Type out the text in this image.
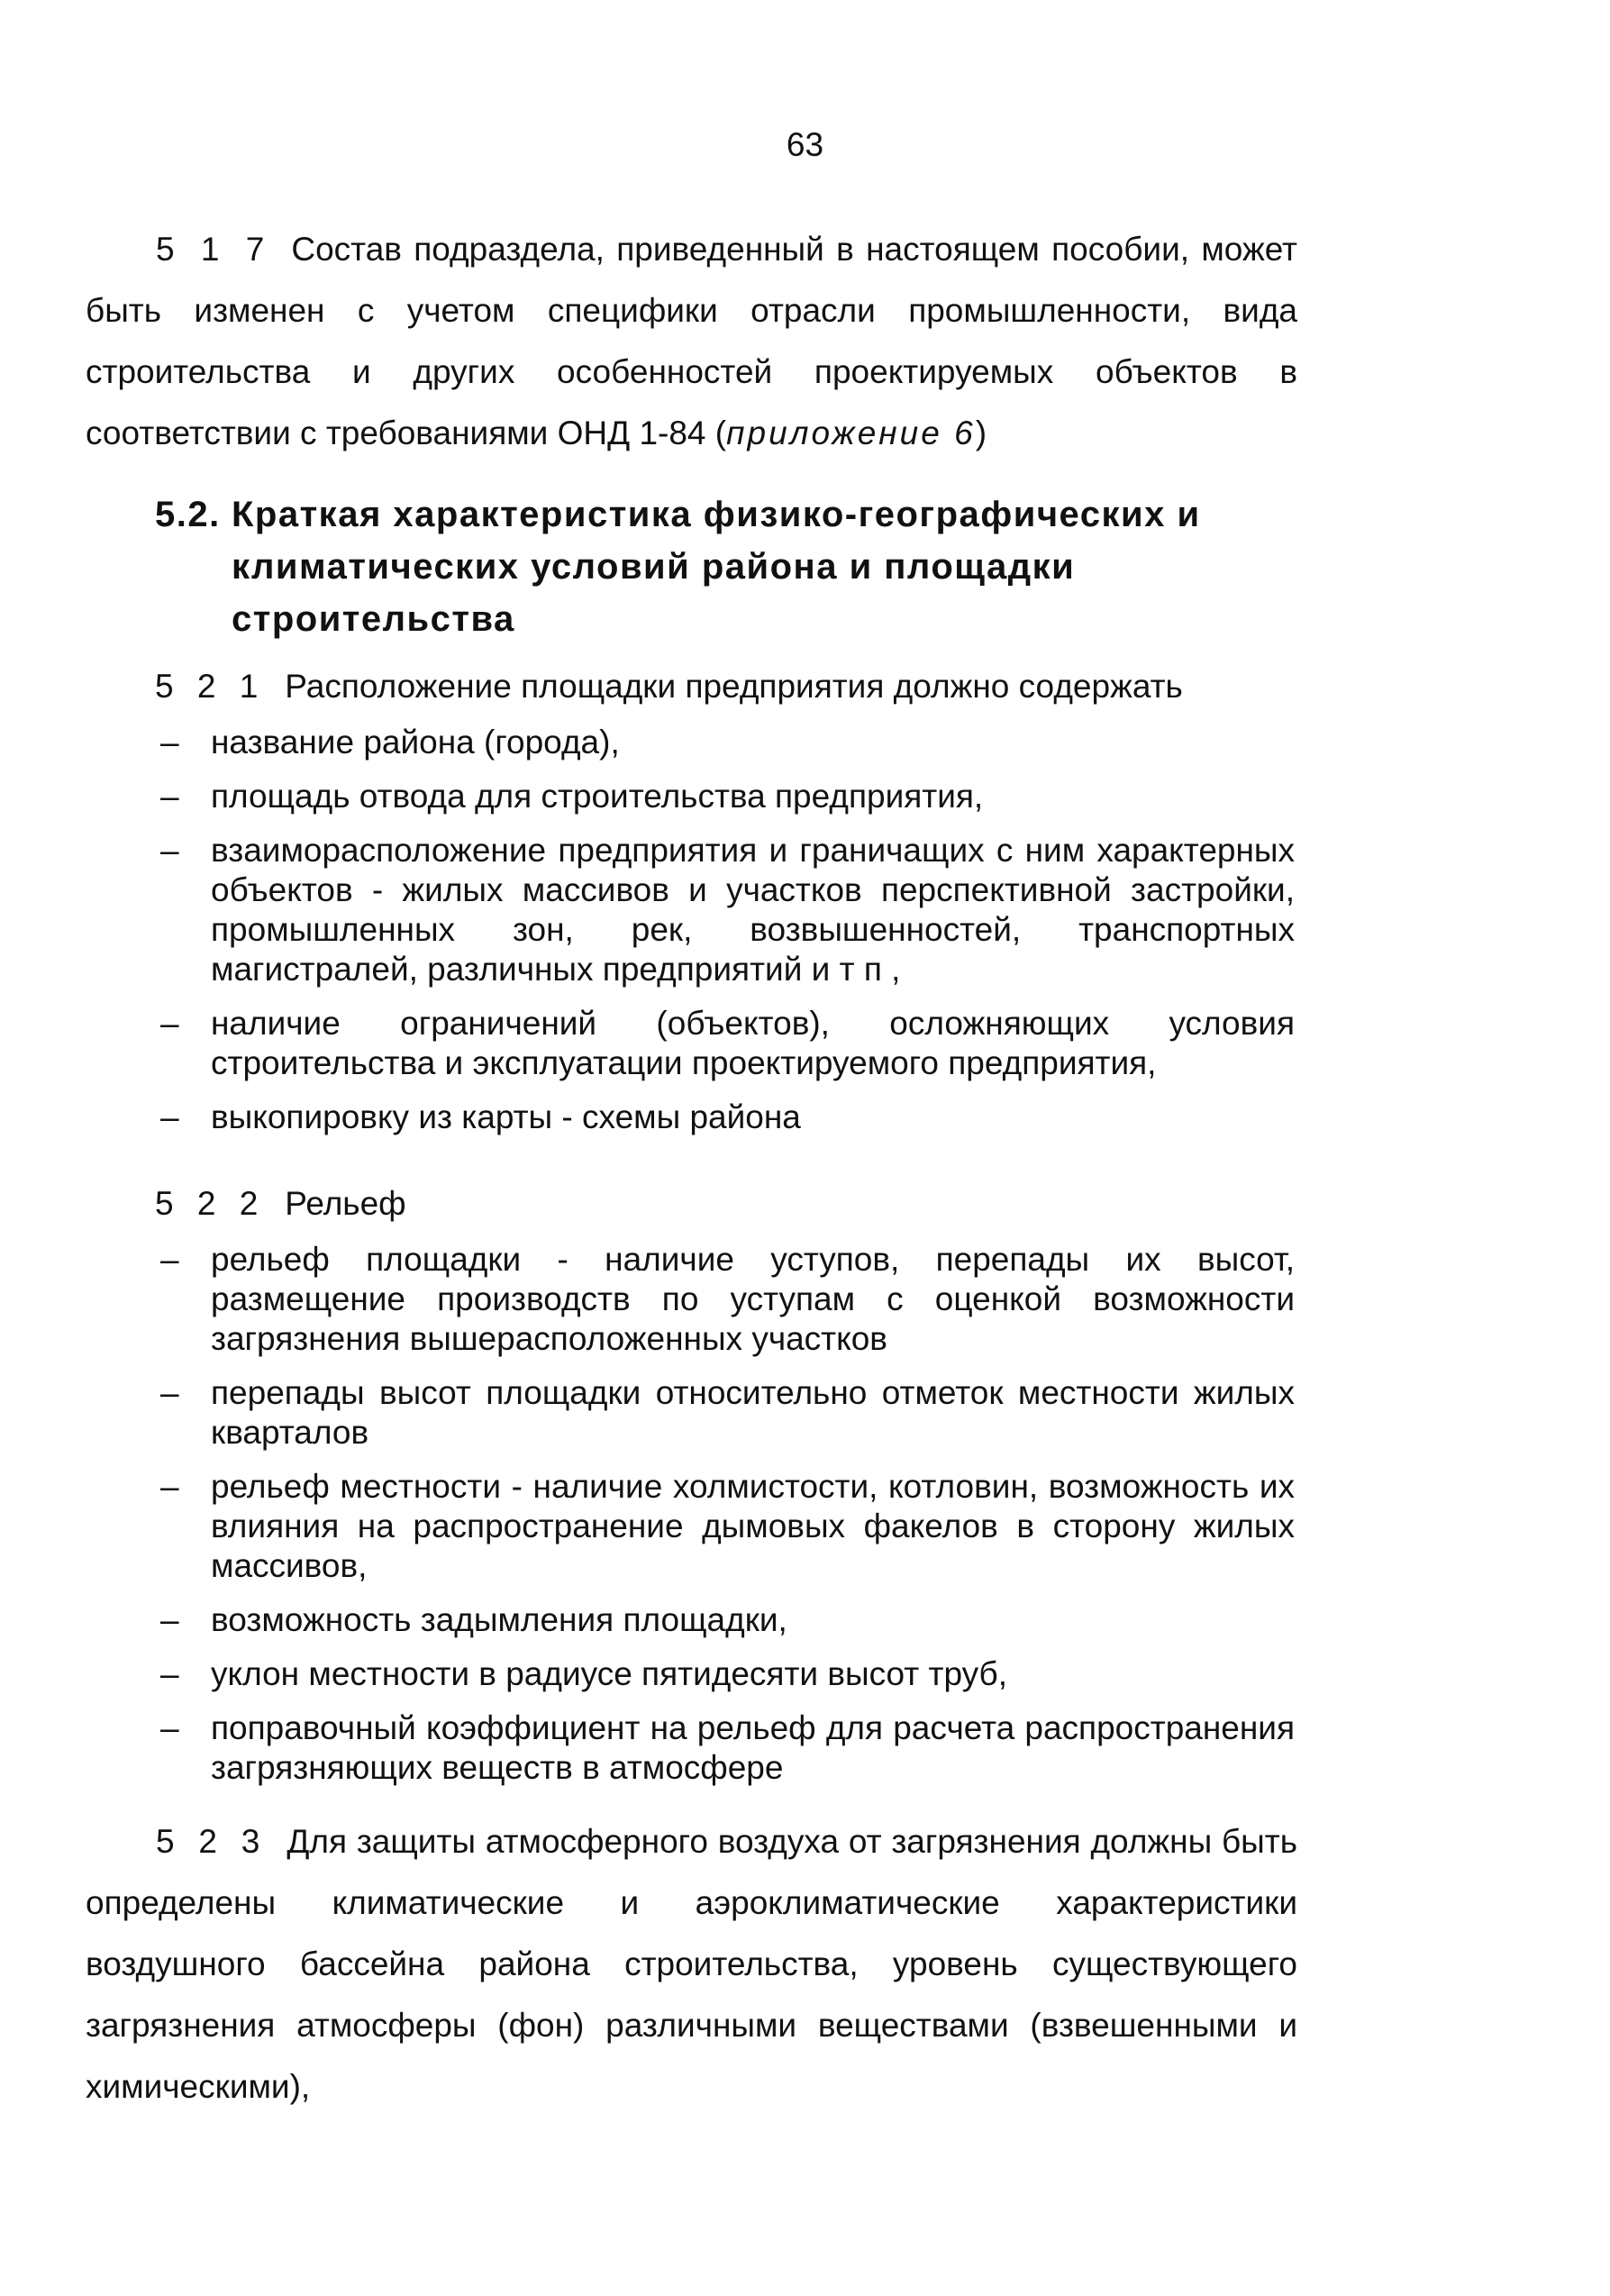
63
5 1 7 Состав подраздела, приведенный в настоящем пособии, может быть изменен с учетом специфики отрасли промышленности, вида строительства и других особенностей проектируемых объектов в соответствии с требованиями ОНД 1-84 (приложение 6)
5.2. Краткая характеристика физико-географических и климатических условий района и площадки строительства
5 2 1 Расположение площадки предприятия должно содержать
– название района (города),
– площадь отвода для строительства предприятия,
– взаиморасположение предприятия и граничащих с ним характерных объектов - жилых массивов и участков перспективной застройки, промышленных зон, рек, возвышенностей, транспортных магистралей, различных предприятий и т п ,
– наличие ограничений (объектов), осложняющих условия строительства и эксплуатации проектируемого предприятия,
– выкопировку из карты - схемы района
5 2 2 Рельеф
– рельеф площадки - наличие уступов, перепады их высот, размещение производств по уступам с оценкой возможности загрязнения вышерасположенных участков
– перепады высот площадки относительно отметок местности жилых кварталов
– рельеф местности - наличие холмистости, котловин, возможность их влияния на распространение дымовых факелов в сторону жилых массивов,
– возможность задымления площадки,
– уклон местности в радиусе пятидесяти высот труб,
– поправочный коэффициент на рельеф для расчета распространения загрязняющих веществ в атмосфере
5 2 3 Для защиты атмосферного воздуха от загрязнения должны быть определены климатические и аэроклиматические характеристики воздушного бассейна района строительства, уровень существующего загрязнения атмосферы (фон) различными веществами (взвешенными и химическими),
